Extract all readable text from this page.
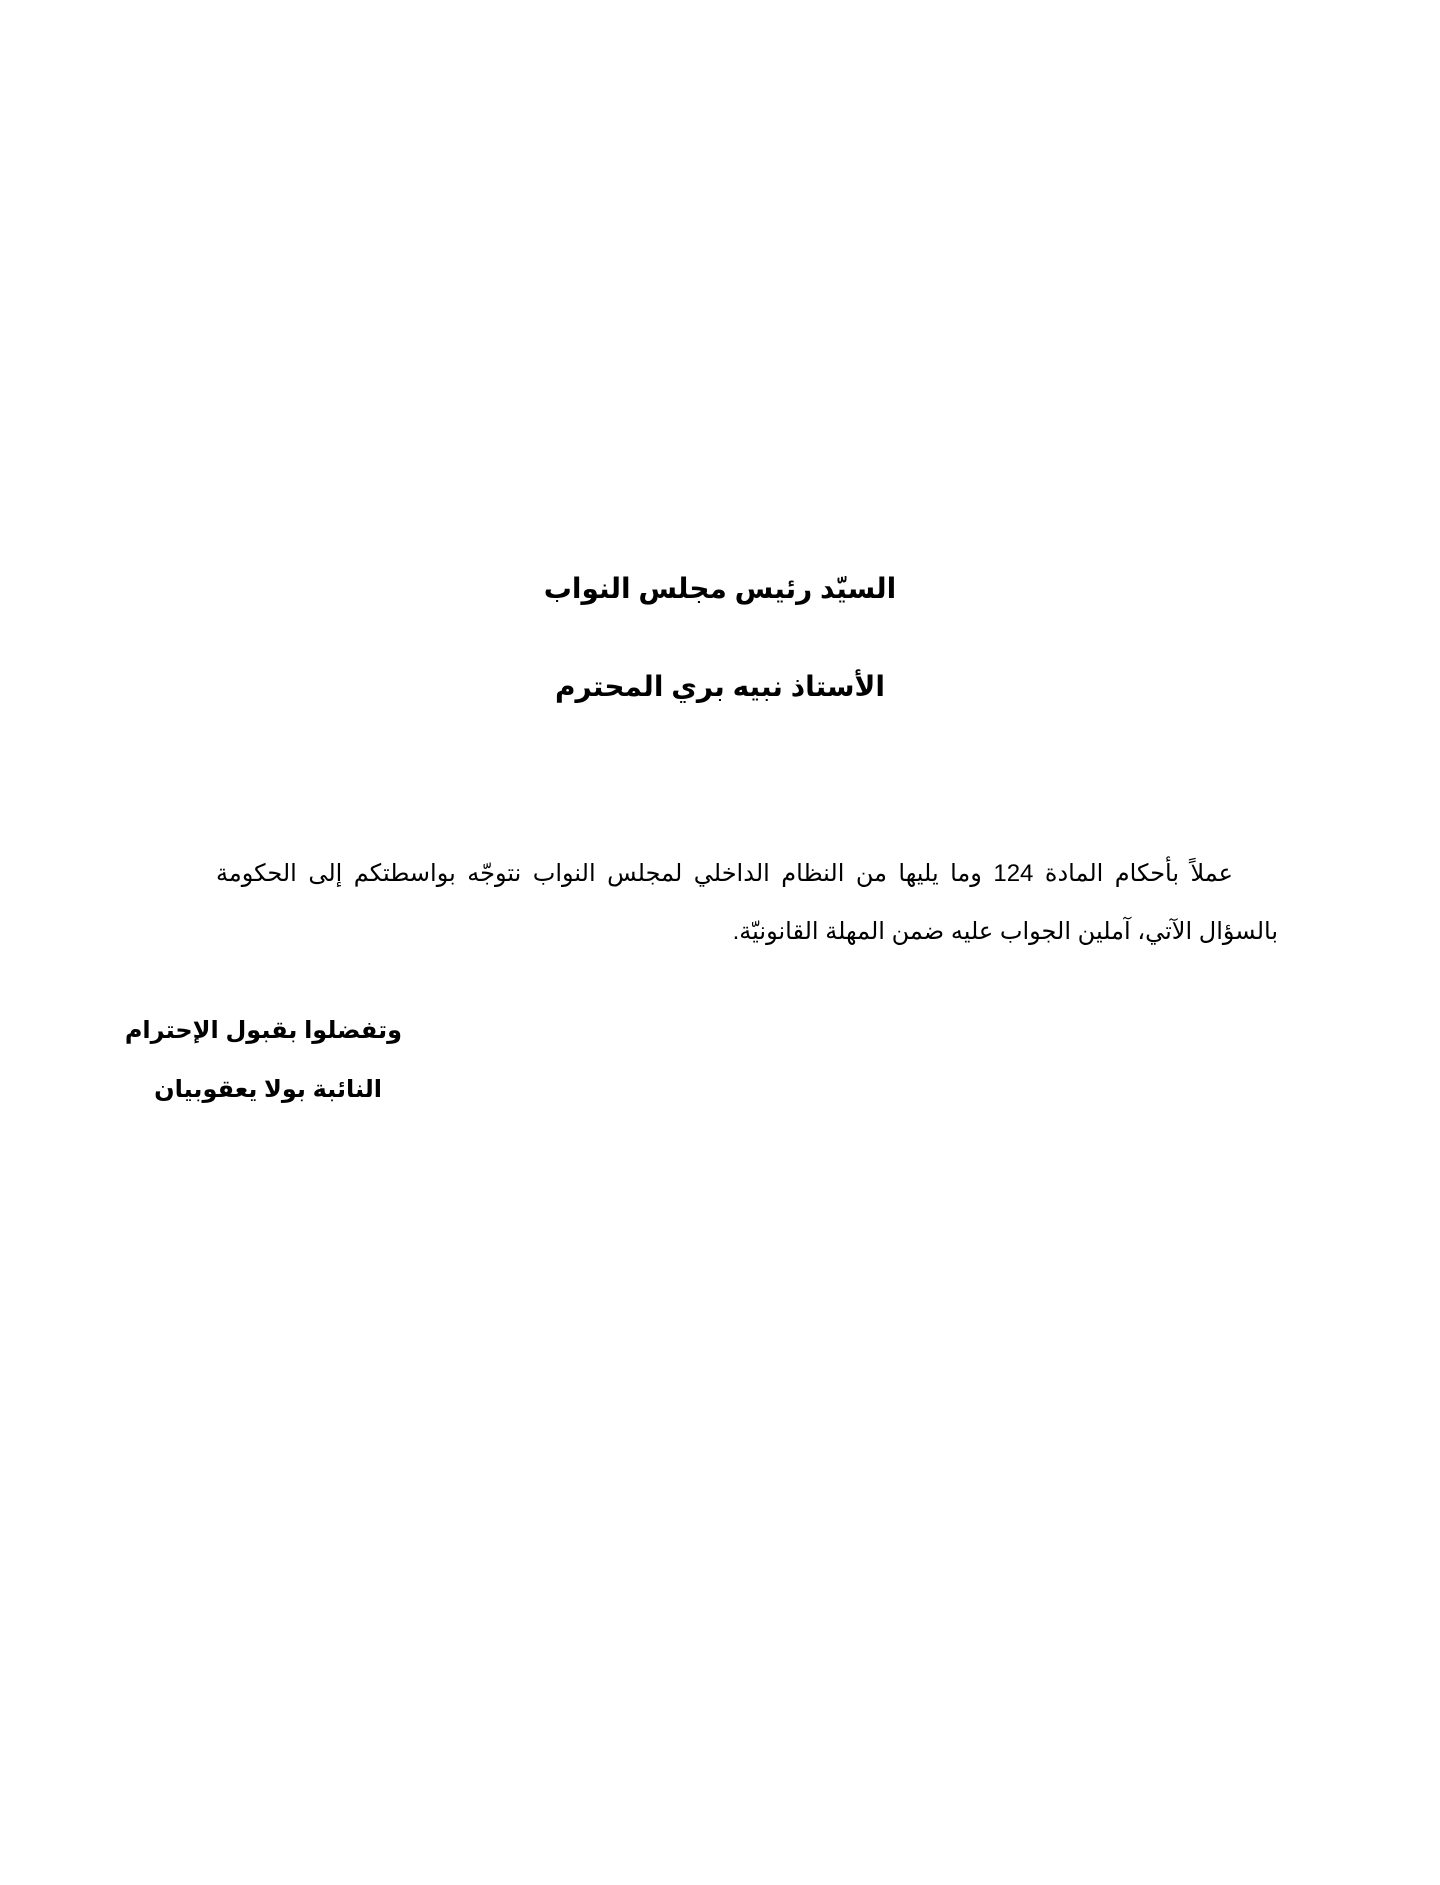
السيّد رئيس مجلس النواب
الأستاذ نبيه بري المحترم
عملاً بأحكام المادة 124 وما يليها من النظام الداخلي لمجلس النواب نتوجّه بواسطتكم إلى الحكومة بالسؤال الآتي، آملين الجواب عليه ضمن المهلة القانونيّة.
وتفضلوا بقبول الإحترام
النائبة بولا يعقوبيان
